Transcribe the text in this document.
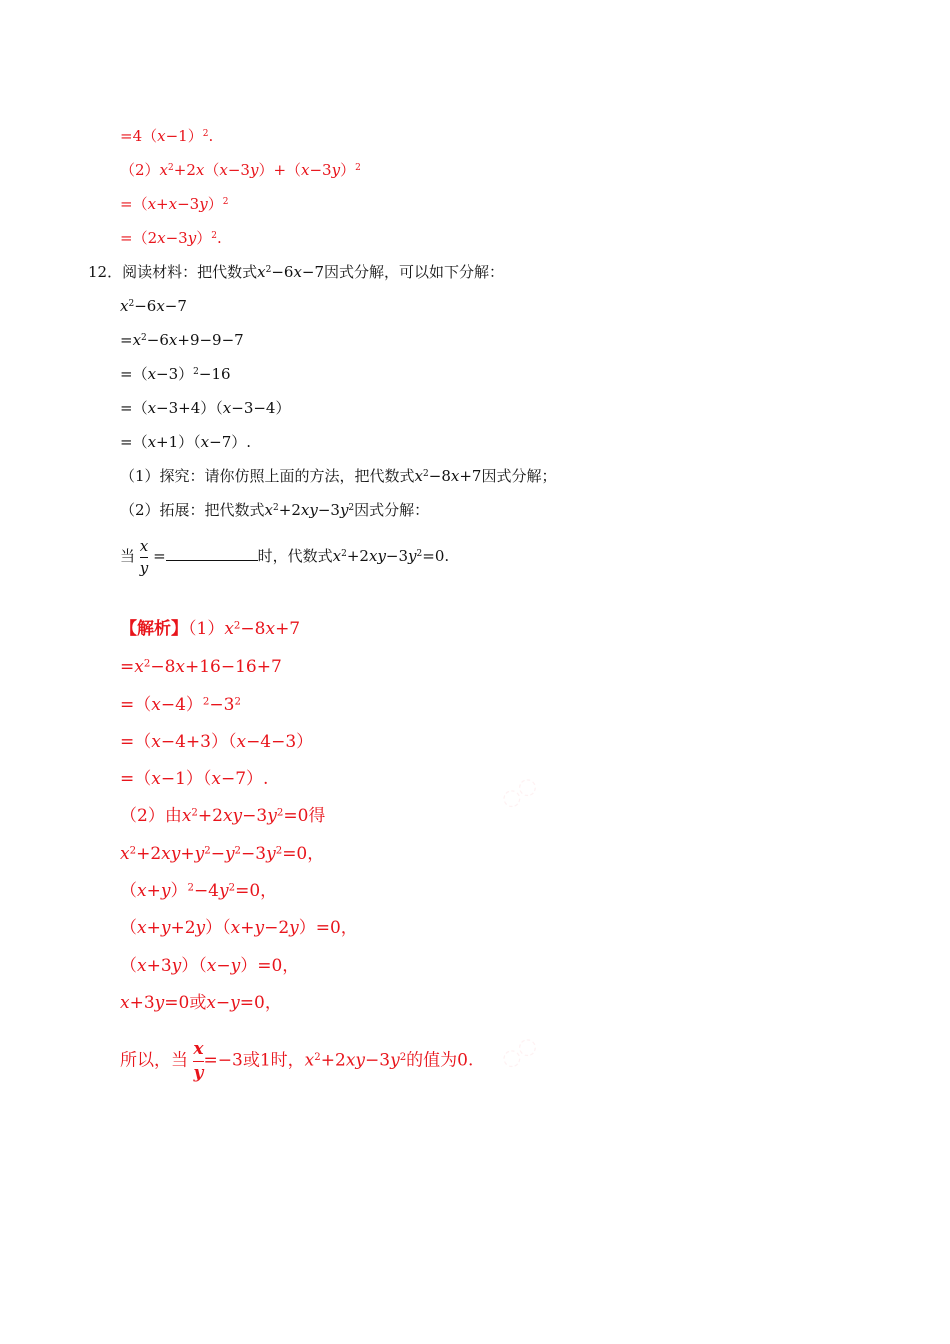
$=4(x-1)^2$.
$(2)x^2+2x(x-3y)+(x-3y)^2$
$=(x+x-3y)^2$
$=(2x-3y)^2$.
12．阅读材料：把代数式$x^2-6x-7$因式分解，可以如下分解：
$x^2-6x-7$
$=x^2-6x+9-9-7$
$=(x-3)^2-16$
=（x−3+4）（x−3−4）
=（x+1）（x−7）.
（1）探究：请你仿照上面的方法，把代数式$x^2-8x+7$因式分解；
（2）拓展：把代数式$x^2+2xy-3y^2$因式分解：
当 $\frac{x}{y}$ =	时，代数式$x^2+2xy-3y^2=0$.
【解析】$(1)x^2-8x+7$
$=x^2-8x+16-16+7$
$=(x-4)^2-3^2$
=（x−4+3）（x−4−3）
=（x−1）（x−7）.
（2）由$x^2+2xy-3y^2=0$得
$x^2+2xy+y^2-y^2-3y^2=0$，
$(x+y)^2-4y^2=0$，
（x+y+2y）（x+y−2y）=0，
（x+3y）（x−y）=0，
x+3y=0或x−y=0，
所以，当 $\frac{x}{y} =-3$或1时，$x^2+2xy-3y^2$的值为0.
◌◌
◌◌
